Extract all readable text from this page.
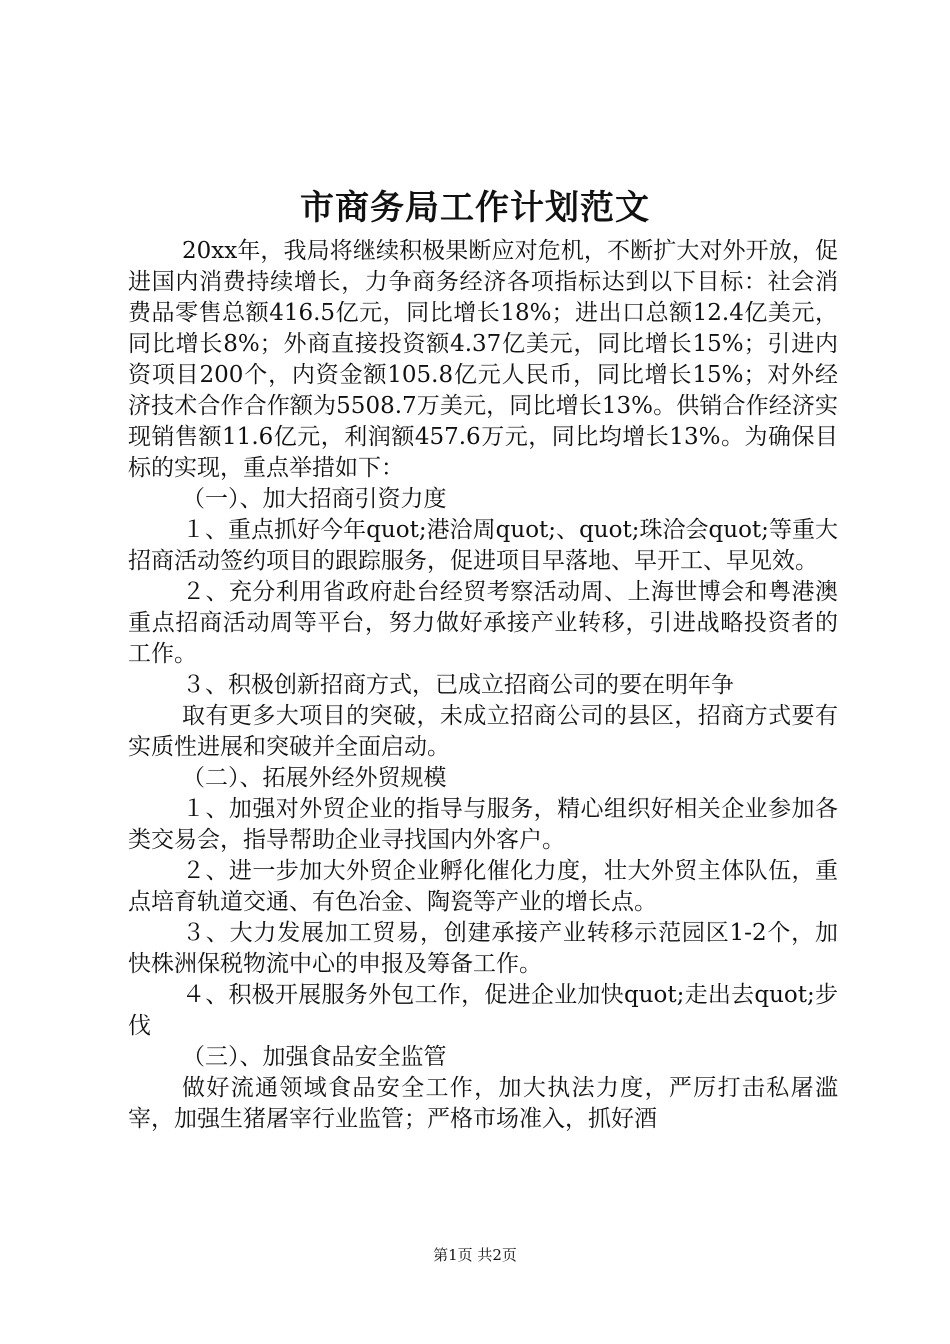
市商务局工作计划范文

20xx年，我局将继续积极果断应对危机，不断扩大对外开放，促进国内消费持续增长，力争商务经济各项指标达到以下目标：社会消费品零售总额416.5亿元，同比增长18%；进出口总额12.4亿美元，同比增长8%；外商直接投资额4.37亿美元，同比增长15%；引进内资项目200个，内资金额105.8亿元人民币，同比增长15%；对外经济技术合作合作额为5508.7万美元，同比增长13%。供销合作经济实现销售额11.6亿元，利润额457.6万元，同比均增长13%。为确保目标的实现，重点举措如下：

（一）、加大招商引资力度

１、重点抓好今年quot;港洽周quot;、quot;珠洽会quot;等重大招商活动签约项目的跟踪服务，促进项目早落地、早开工、早见效。

２、充分利用省政府赴台经贸考察活动周、上海世博会和粤港澳重点招商活动周等平台，努力做好承接产业转移，引进战略投资者的工作。

３、积极创新招商方式，已成立招商公司的要在明年争

取有更多大项目的突破，未成立招商公司的县区，招商方式要有实质性进展和突破并全面启动。

（二）、拓展外经外贸规模

１、加强对外贸企业的指导与服务，精心组织好相关企业参加各类交易会，指导帮助企业寻找国内外客户。

２、进一步加大外贸企业孵化催化力度，壮大外贸主体队伍，重点培育轨道交通、有色冶金、陶瓷等产业的增长点。

３、大力发展加工贸易，创建承接产业转移示范园区1-2个，加快株洲保税物流中心的申报及筹备工作。

４、积极开展服务外包工作，促进企业加快quot;走出去quot;步伐

（三）、加强食品安全监管

做好流通领域食品安全工作，加大执法力度，严厉打击私屠滥宰，加强生猪屠宰行业监管；严格市场准入，抓好酒

第1页 共2页
